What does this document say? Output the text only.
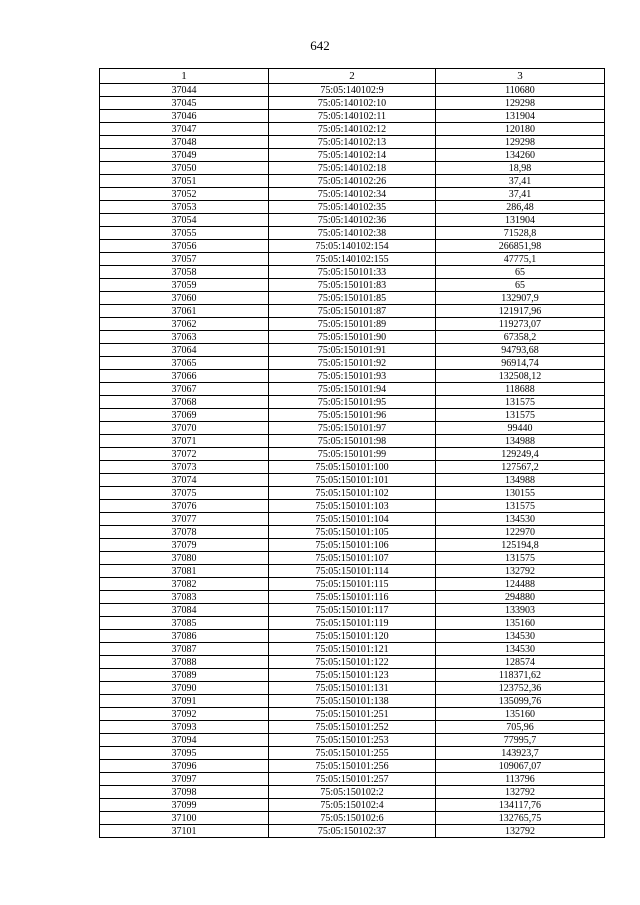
642
1	2	3
37044	75:05:140102:9	110680
37045	75:05:140102:10	129298
37046	75:05:140102:11	131904
37047	75:05:140102:12	120180
37048	75:05:140102:13	129298
37049	75:05:140102:14	134260
37050	75:05:140102:18	18,98
37051	75:05:140102:26	37,41
37052	75:05:140102:34	37,41
37053	75:05:140102:35	286,48
37054	75:05:140102:36	131904
37055	75:05:140102:38	71528,8
37056	75:05:140102:154	266851,98
37057	75:05:140102:155	47775,1
37058	75:05:150101:33	65
37059	75:05:150101:83	65
37060	75:05:150101:85	132907,9
37061	75:05:150101:87	121917,96
37062	75:05:150101:89	119273,07
37063	75:05:150101:90	67358,2
37064	75:05:150101:91	94793,68
37065	75:05:150101:92	96914,74
37066	75:05:150101:93	132508,12
37067	75:05:150101:94	118688
37068	75:05:150101:95	131575
37069	75:05:150101:96	131575
37070	75:05:150101:97	99440
37071	75:05:150101:98	134988
37072	75:05:150101:99	129249,4
37073	75:05:150101:100	127567,2
37074	75:05:150101:101	134988
37075	75:05:150101:102	130155
37076	75:05:150101:103	131575
37077	75:05:150101:104	134530
37078	75:05:150101:105	122970
37079	75:05:150101:106	125194,8
37080	75:05:150101:107	131575
37081	75:05:150101:114	132792
37082	75:05:150101:115	124488
37083	75:05:150101:116	294880
37084	75:05:150101:117	133903
37085	75:05:150101:119	135160
37086	75:05:150101:120	134530
37087	75:05:150101:121	134530
37088	75:05:150101:122	128574
37089	75:05:150101:123	118371,62
37090	75:05:150101:131	123752,36
37091	75:05:150101:138	135099,76
37092	75:05:150101:251	135160
37093	75:05:150101:252	705,96
37094	75:05:150101:253	77995,7
37095	75:05:150101:255	143923,7
37096	75:05:150101:256	109067,07
37097	75:05:150101:257	113796
37098	75:05:150102:2	132792
37099	75:05:150102:4	134117,76
37100	75:05:150102:6	132765,75
37101	75:05:150102:37	132792
